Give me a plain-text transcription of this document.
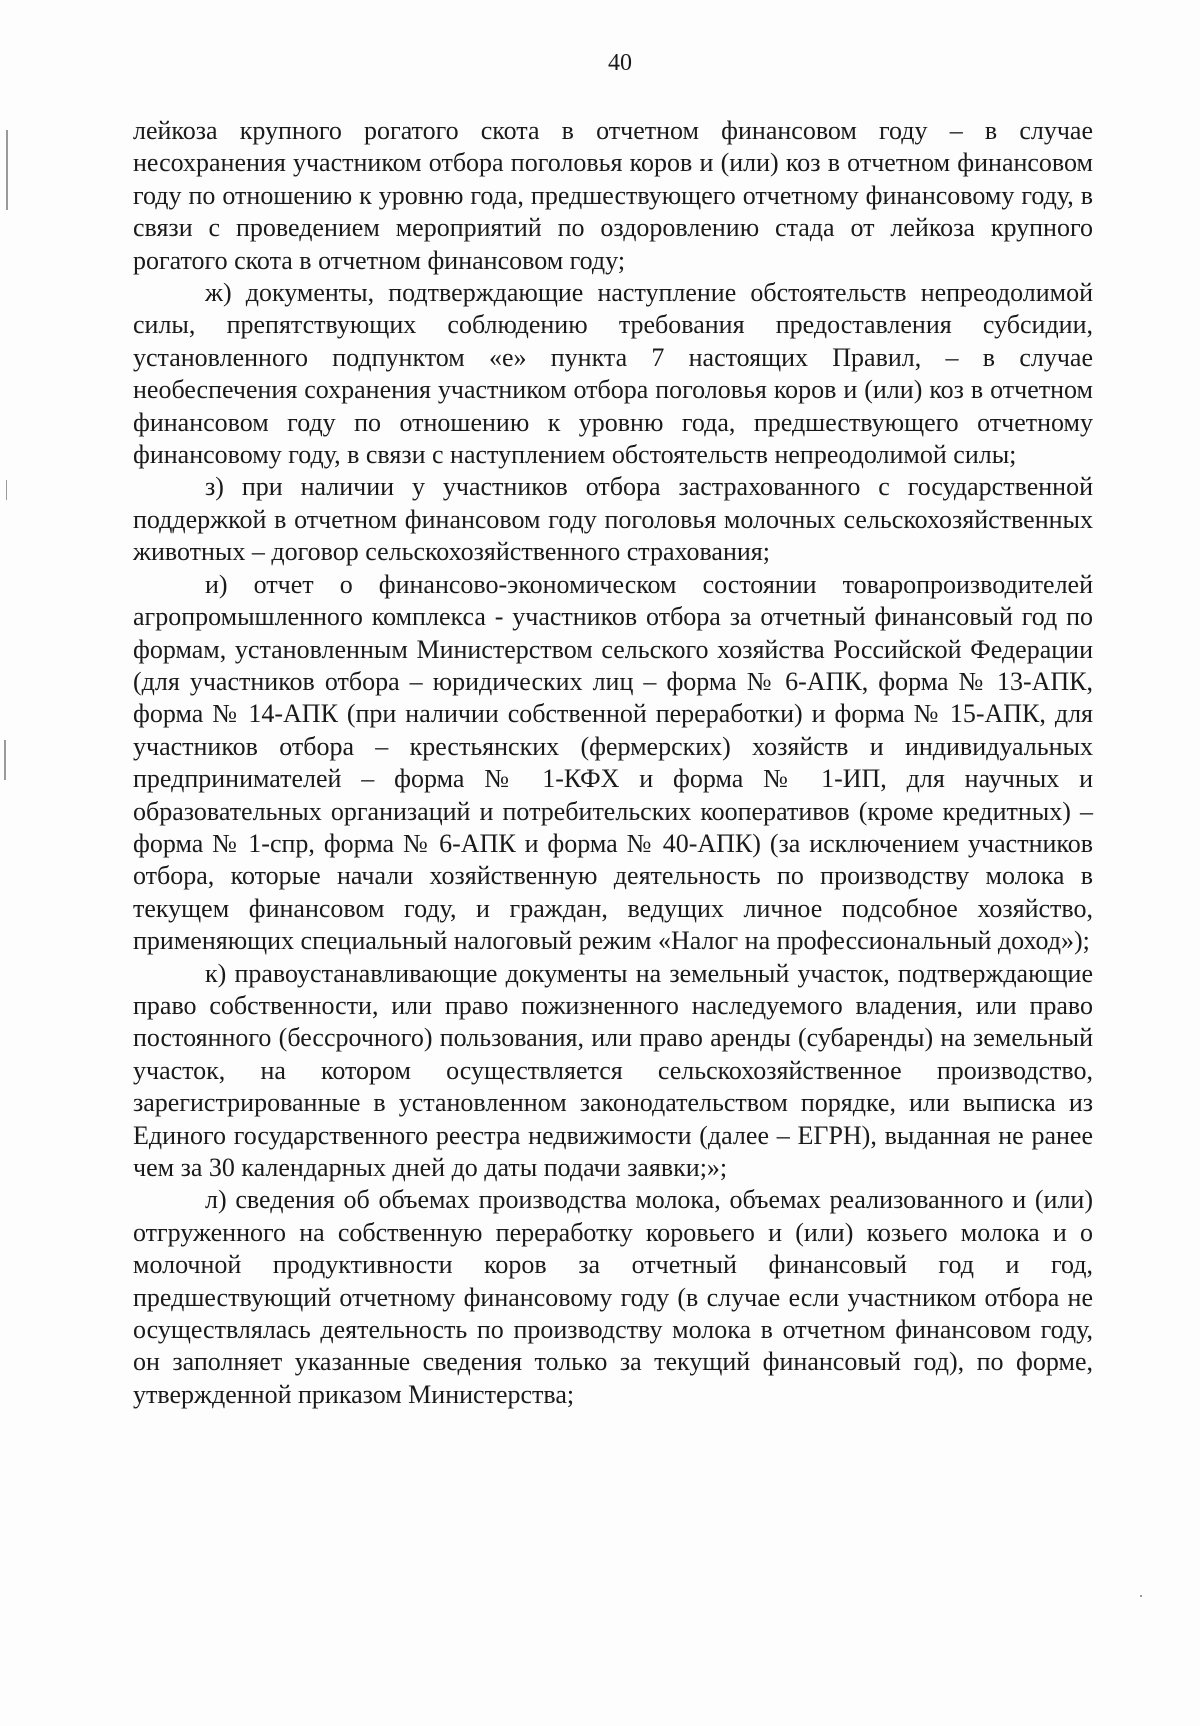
40

лейкоза крупного рогатого скота в отчетном финансовом году – в случае несохранения участником отбора поголовья коров и (или) коз в отчетном финансовом году по отношению к уровню года, предшествующего отчетному финансовому году, в связи с проведением мероприятий по оздоровлению стада от лейкоза крупного рогатого скота в отчетном финансовом году;

ж) документы, подтверждающие наступление обстоятельств непреодолимой силы, препятствующих соблюдению требования предоставления субсидии, установленного подпунктом «е» пункта 7 настоящих Правил, – в случае необеспечения сохранения участником отбора поголовья коров и (или) коз в отчетном финансовом году по отношению к уровню года, предшествующего отчетному финансовому году, в связи с наступлением обстоятельств непреодолимой силы;

з) при наличии у участников отбора застрахованного с государственной поддержкой в отчетном финансовом году поголовья молочных сельскохозяйственных животных – договор сельскохозяйственного страхования;

и) отчет о финансово-экономическом состоянии товаропроизводителей агропромышленного комплекса - участников отбора за отчетный финансовый год по формам, установленным Министерством сельского хозяйства Российской Федерации (для участников отбора – юридических лиц – форма № 6-АПК, форма № 13-АПК, форма № 14-АПК (при наличии собственной переработки) и форма № 15-АПК, для участников отбора – крестьянских (фермерских) хозяйств и индивидуальных предпринимателей – форма № 1-КФХ и форма № 1-ИП, для научных и образовательных организаций и потребительских кооперативов (кроме кредитных) – форма № 1-спр, форма № 6-АПК и форма № 40-АПК) (за исключением участников отбора, которые начали хозяйственную деятельность по производству молока в текущем финансовом году, и граждан, ведущих личное подсобное хозяйство, применяющих специальный налоговый режим «Налог на профессиональный доход»);

к) правоустанавливающие документы на земельный участок, подтверждающие право собственности, или право пожизненного наследуемого владения, или право постоянного (бессрочного) пользования, или право аренды (субаренды) на земельный участок, на котором осуществляется сельскохозяйственное производство, зарегистрированные в установленном законодательством порядке, или выписка из Единого государственного реестра недвижимости (далее – ЕГРН), выданная не ранее чем за 30 календарных дней до даты подачи заявки;»;

л) сведения об объемах производства молока, объемах реализованного и (или) отгруженного на собственную переработку коровьего и (или) козьего молока и о молочной продуктивности коров за отчетный финансовый год и год, предшествующий отчетному финансовому году (в случае если участником отбора не осуществлялась деятельность по производству молока в отчетном финансовом году, он заполняет указанные сведения только за текущий финансовый год), по форме, утвержденной приказом Министерства;
